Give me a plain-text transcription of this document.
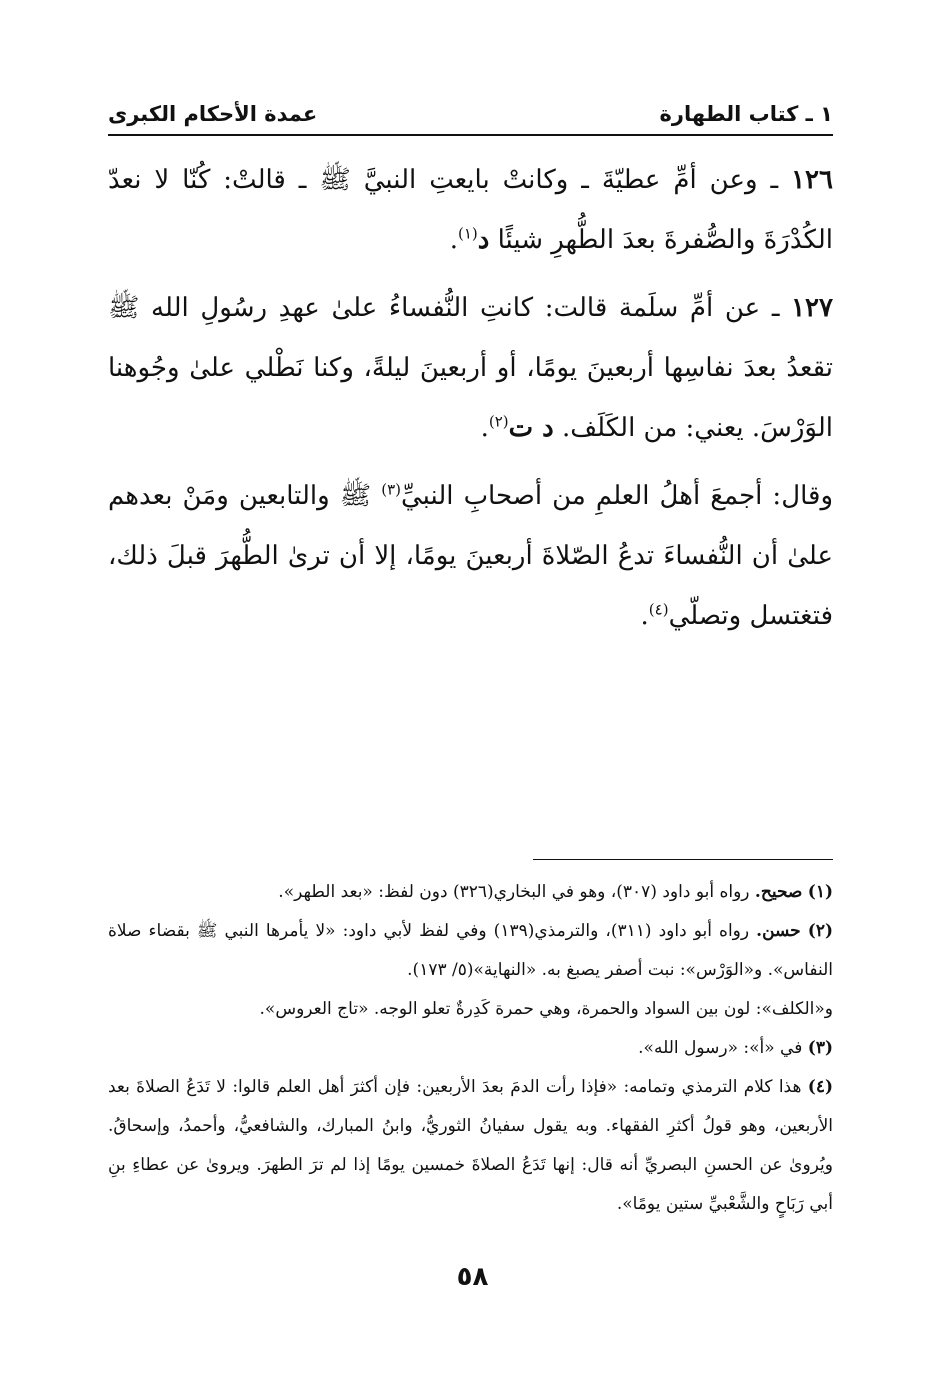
١ ـ كتاب الطهارة
عمدة الأحكام الكبرى

١٢٦ ـ وعن أمِّ عطيّةَ ـ وكانتْ بايعتِ النبيَّ ﷺ ـ قالتْ: كُنّا لا نعدّ الكُدْرَةَ والصُّفرةَ بعدَ الطُّهرِ شيئًا د$^{(١)}$.

١٢٧ ـ عن أمِّ سلَمة قالت: كانتِ النُّفساءُ علىٰ عهدِ رسُولِ الله ﷺ تقعدُ بعدَ نفاسِها أربعينَ يومًا، أو أربعينَ ليلةً، وكنا نَطْلي علىٰ وجُوهنا الوَرْسَ. يعني: من الكَلَف. د ت$^{(٢)}$.

وقال: أجمعَ أهلُ العلمِ من أصحابِ النبيِّ$^{(٣)}$ ﷺ والتابعين ومَنْ بعدهم علىٰ أن النُّفساءَ تدعُ الصّلاةَ أربعينَ يومًا، إلا أن ترىٰ الطُّهرَ قبلَ ذلك، فتغتسل وتصلّي$^{(٤)}$.

(١) صحيح. رواه أبو داود (٣٠٧)، وهو في البخاري(٣٢٦) دون لفظ: «بعد الطهر».

(٢) حسن. رواه أبو داود (٣١١)، والترمذي(١٣٩) وفي لفظ لأبي داود: «لا يأمرها النبي ﷺ بقضاء صلاة النفاس». و«الوَرْس»: نبت أصفر يصبغ به. «النهاية»(٥/ ١٧٣).

و«الكلف»: لون بين السواد والحمرة، وهي حمرة كَدِرةٌ تعلو الوجه. «تاج العروس».

(٣) في «أ»: «رسول الله».

(٤) هذا كلام الترمذي وتمامه: «فإذا رأت الدمَ بعدَ الأربعين: فإن أكثرَ أهل العلم قالوا: لا تَدَعُ الصلاةَ بعد الأربعين، وهو قولُ أكثرِ الفقهاء. وبه يقول سفيانُ الثوريُّ، وابنُ المبارك، والشافعيُّ، وأحمدُ، وإسحاقُ. ويُروىٰ عن الحسنِ البصريِّ أنه قال: إنها تَدَعُ الصلاةَ خمسين يومًا إذا لم ترَ الطهرَ. ويروىٰ عن عطاءِ بنِ أبي رَبَاحٍ والشَّعْبيِّ ستين يومًا».

٥٨
